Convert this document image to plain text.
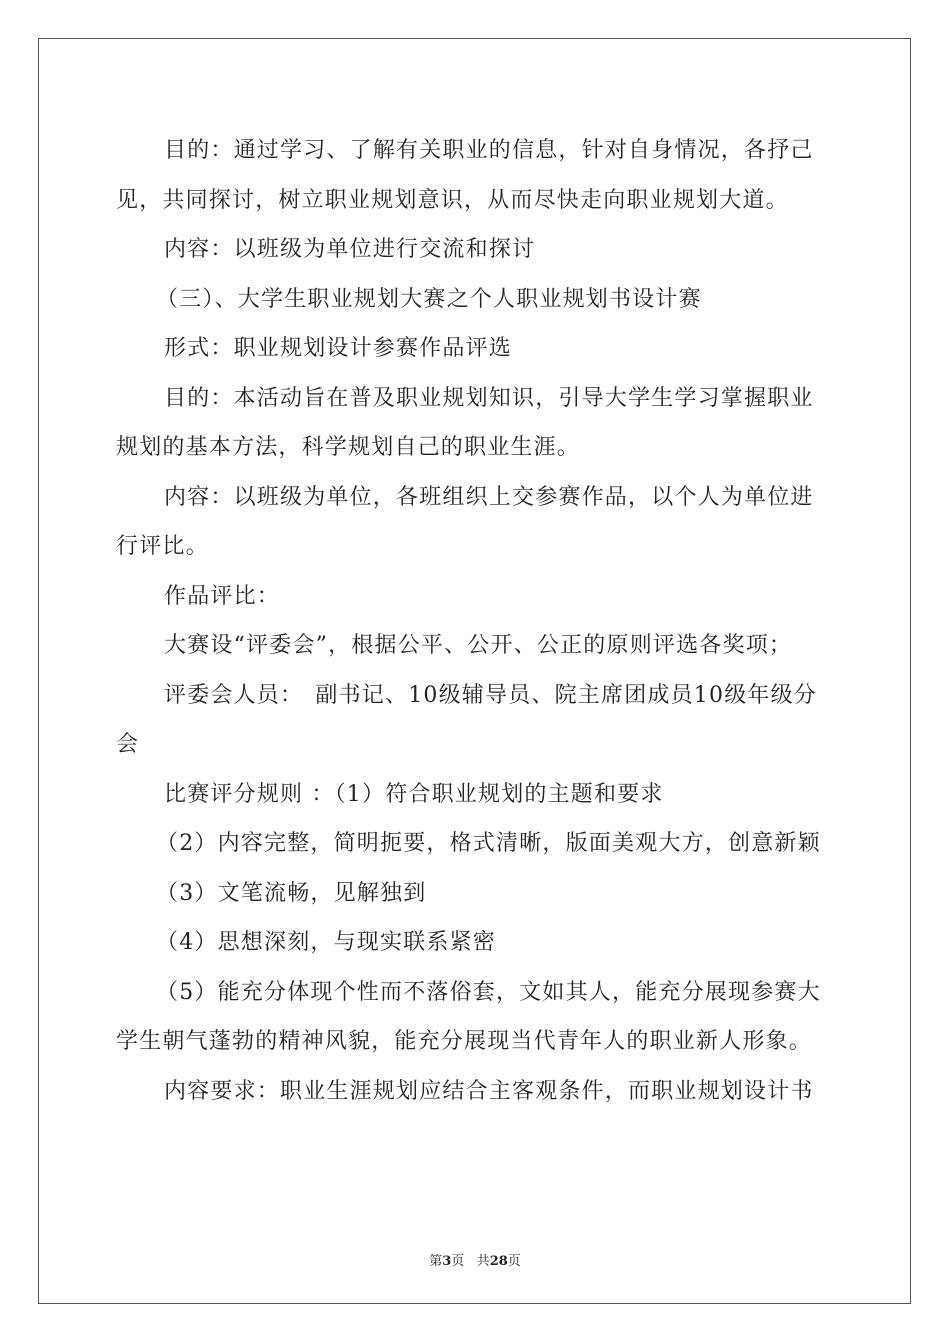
目的：通过学习、了解有关职业的信息，针对自身情况，各抒己见，共同探讨，树立职业规划意识，从而尽快走向职业规划大道。

内容：以班级为单位进行交流和探讨

（三）、大学生职业规划大赛之个人职业规划书设计赛

形式：职业规划设计参赛作品评选

目的：本活动旨在普及职业规划知识，引导大学生学习掌握职业规划的基本方法，科学规划自己的职业生涯。

内容：以班级为单位，各班组织上交参赛作品，以个人为单位进行评比。

作品评比：

大赛设“评委会”，根据公平、公开、公正的原则评选各奖项；

评委会人员：　副书记、10级辅导员、院主席团成员10级年级分会

比赛评分规则 ：（1）符合职业规划的主题和要求

（2）内容完整，简明扼要，格式清晰，版面美观大方，创意新颖

（3）文笔流畅，见解独到

（4）思想深刻，与现实联系紧密

（5）能充分体现个性而不落俗套，文如其人，能充分展现参赛大学生朝气蓬勃的精神风貌，能充分展现当代青年人的职业新人形象。

内容要求：职业生涯规划应结合主客观条件，而职业规划设计书

第3页 共28页
